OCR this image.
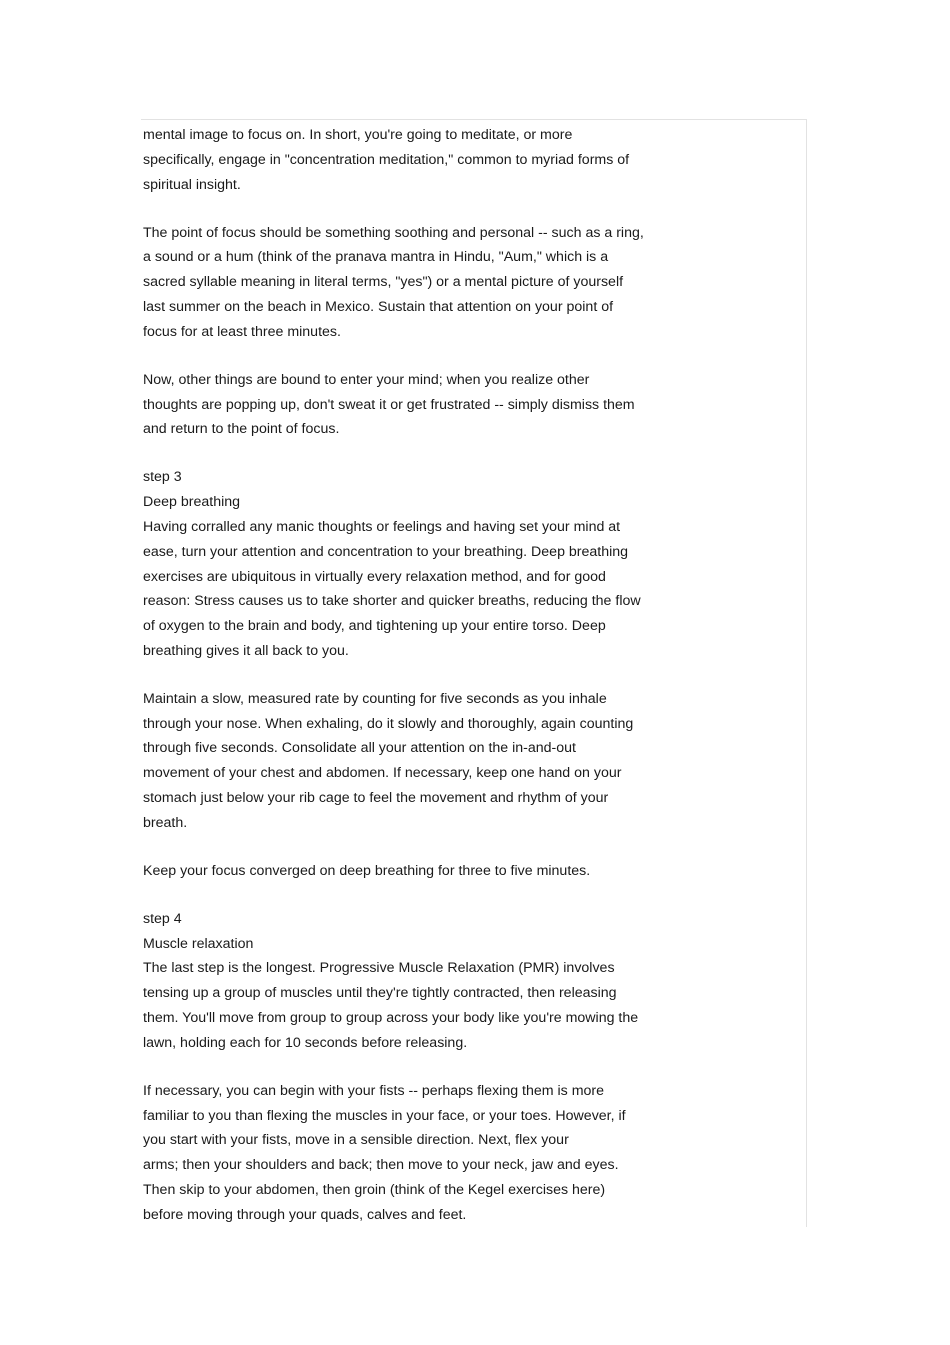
mental image to focus on. In short, you're going to meditate, or more
specifically, engage in "concentration meditation," common to myriad forms of
spiritual insight.
The point of focus should be something soothing and personal -- such as a ring,
a sound or a hum (think of the pranava mantra in Hindu, "Aum," which is a
sacred syllable meaning in literal terms, "yes") or a mental picture of yourself
last summer on the beach in Mexico. Sustain that attention on your point of
focus for at least three minutes.
Now, other things are bound to enter your mind; when you realize other
thoughts are popping up, don't sweat it or get frustrated -- simply dismiss them
and return to the point of focus.
step 3
Deep breathing
Having corralled any manic thoughts or feelings and having set your mind at
ease, turn your attention and concentration to your breathing. Deep breathing
exercises are ubiquitous in virtually every relaxation method, and for good
reason: Stress causes us to take shorter and quicker breaths, reducing the flow
of oxygen to the brain and body, and tightening up your entire torso. Deep
breathing gives it all back to you.
Maintain a slow, measured rate by counting for five seconds as you inhale
through your nose. When exhaling, do it slowly and thoroughly, again counting
through five seconds. Consolidate all your attention on the in-and-out
movement of your chest and abdomen. If necessary, keep one hand on your
stomach just below your rib cage to feel the movement and rhythm of your
breath.
Keep your focus converged on deep breathing for three to five minutes.
step 4
Muscle relaxation
The last step is the longest. Progressive Muscle Relaxation (PMR) involves
tensing up a group of muscles until they're tightly contracted, then releasing
them. You'll move from group to group across your body like you're mowing the
lawn, holding each for 10 seconds before releasing.
If necessary, you can begin with your fists -- perhaps flexing them is more
familiar to you than flexing the muscles in your face, or your toes. However, if
you start with your fists, move in a sensible direction. Next, flex your
arms; then your shoulders and back; then move to your neck, jaw and eyes.
Then skip to your abdomen, then groin (think of the Kegel exercises here)
before moving through your quads, calves and feet.
